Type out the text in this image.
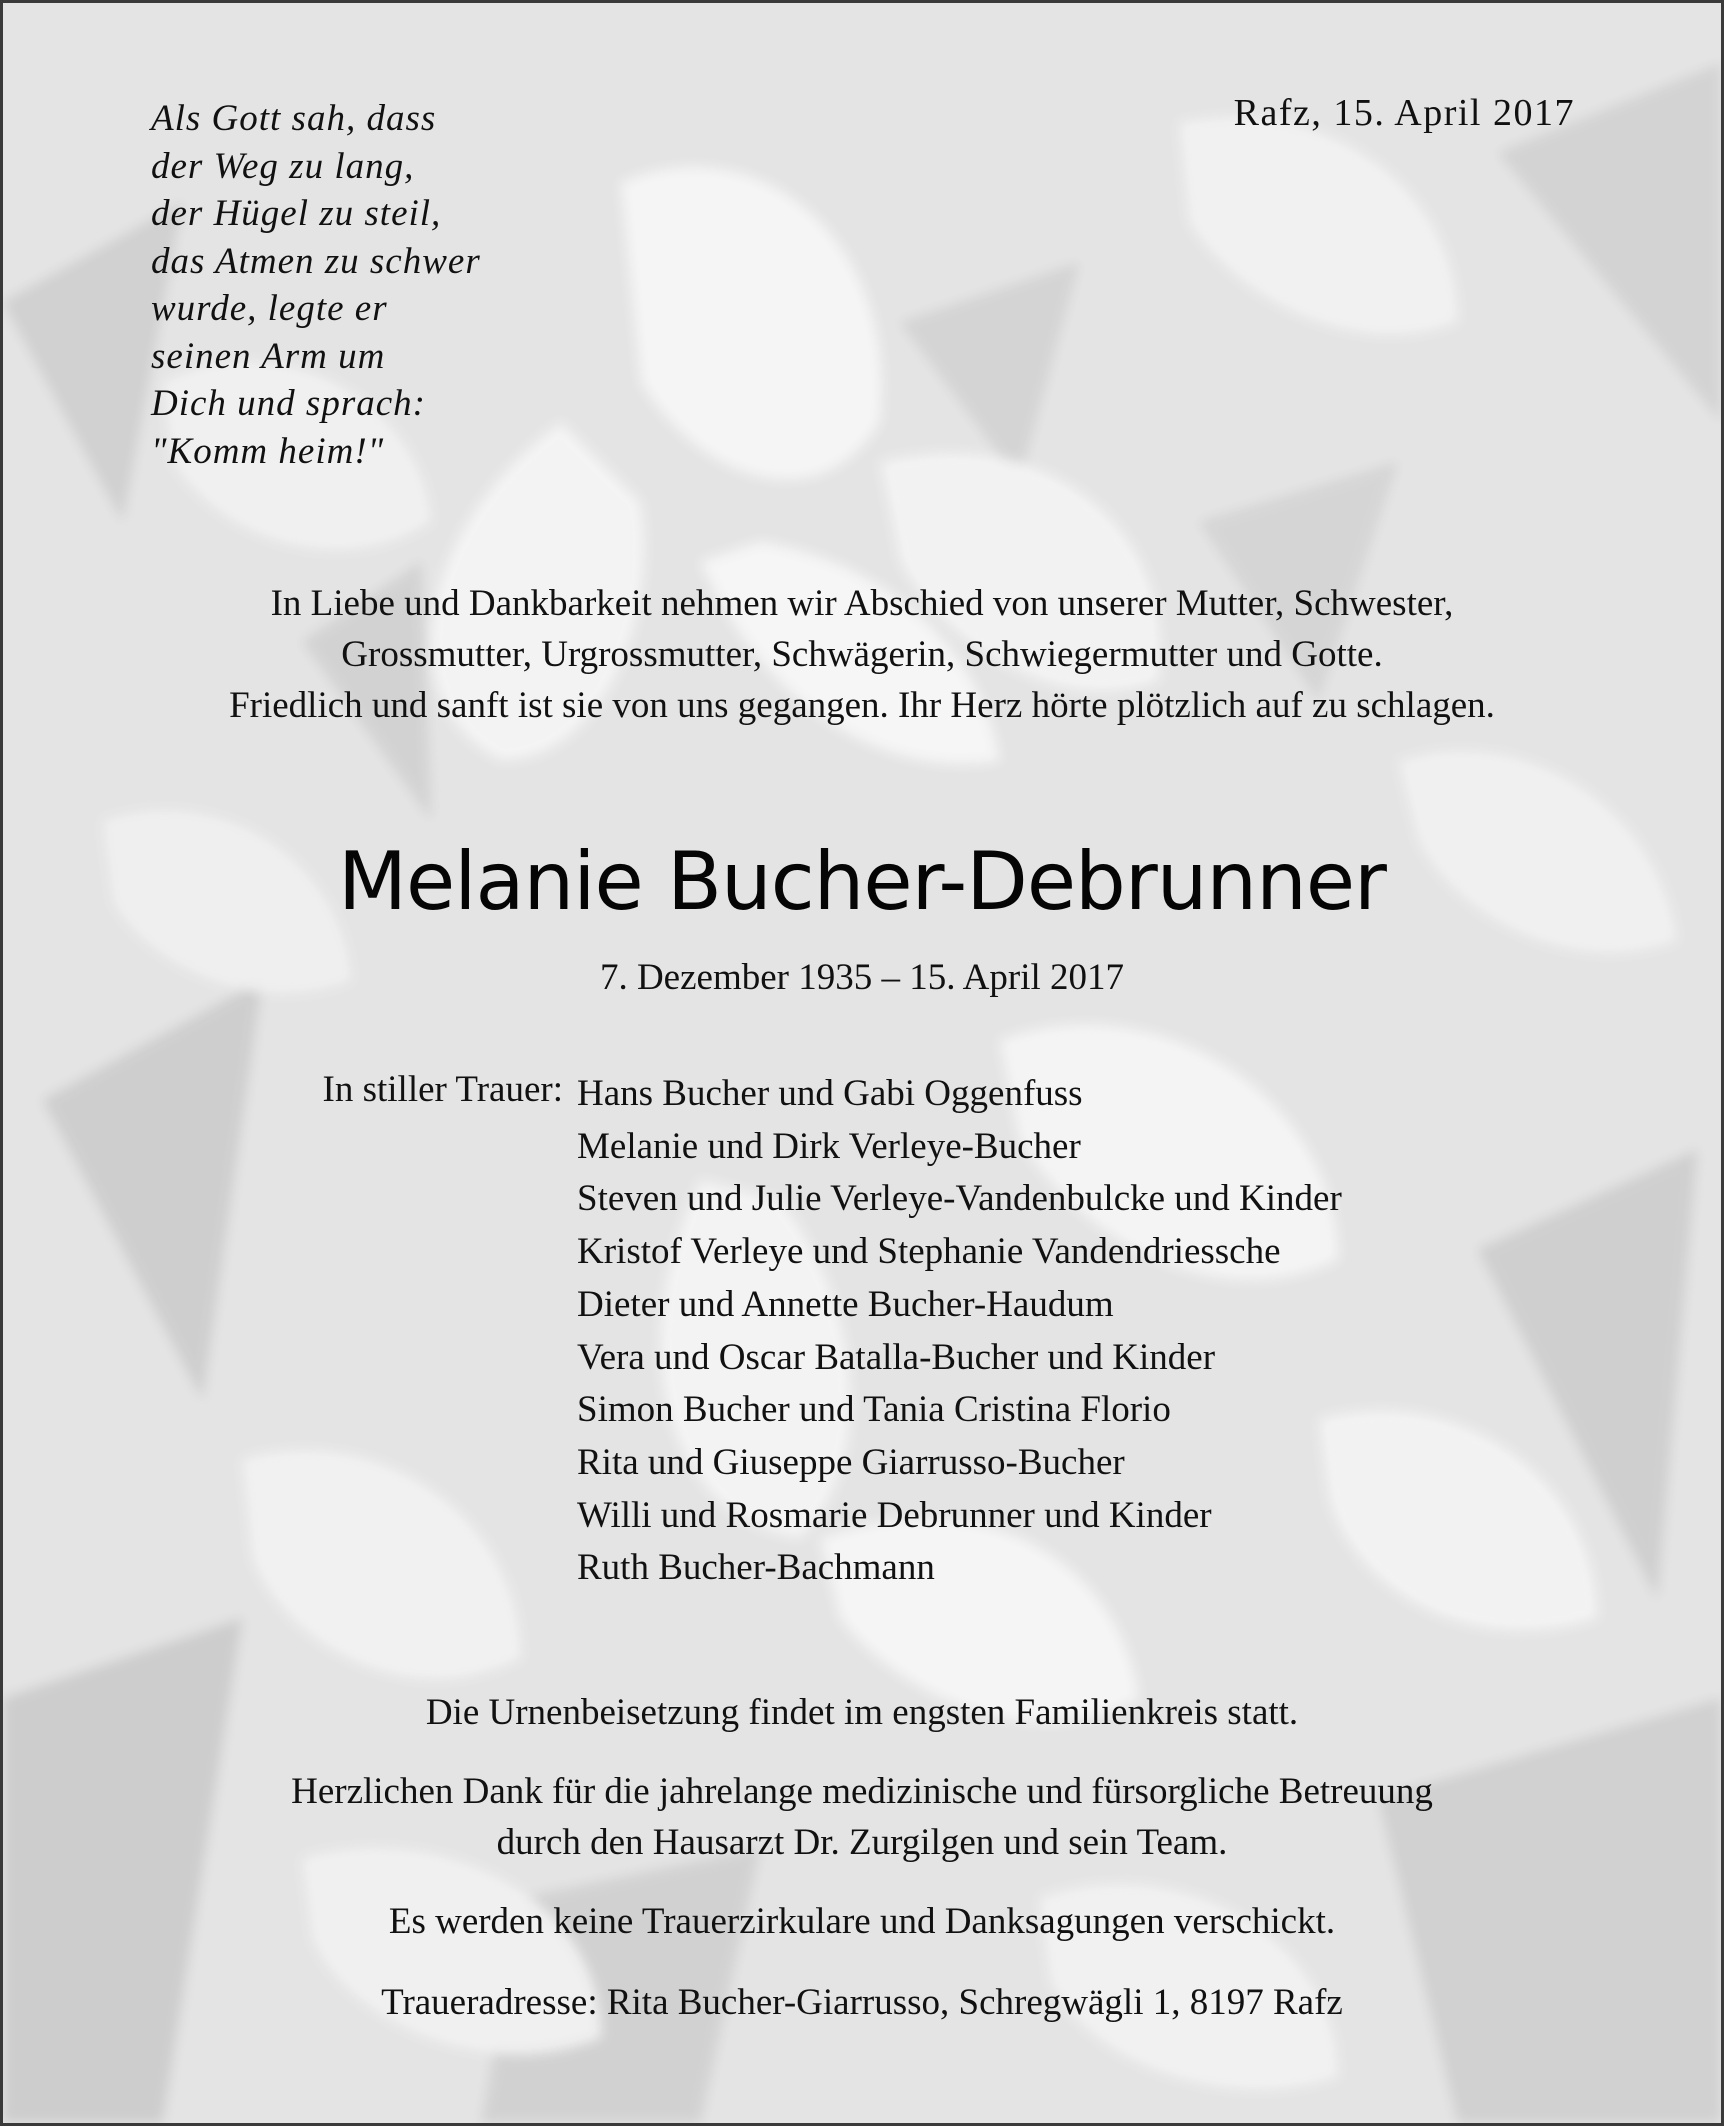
Als Gott sah, dass
der Weg zu lang,
der Hügel zu steil,
das Atmen zu schwer
wurde, legte er
seinen Arm um
Dich und sprach:
"Komm heim!"
Rafz, 15. April 2017
In Liebe und Dankbarkeit nehmen wir Abschied von unserer Mutter, Schwester,
Grossmutter, Urgrossmutter, Schwägerin, Schwiegermutter und Gotte.
Friedlich und sanft ist sie von uns gegangen. Ihr Herz hörte plötzlich auf zu schlagen.
Melanie Bucher-Debrunner
7. Dezember 1935 – 15. April 2017
In stiller Trauer: Hans Bucher und Gabi Oggenfuss
Melanie und Dirk Verleye-Bucher
Steven und Julie Verleye-Vandenbulcke und Kinder
Kristof Verleye und Stephanie Vandendriessche
Dieter und Annette Bucher-Haudum
Vera und Oscar Batalla-Bucher und Kinder
Simon Bucher und Tania Cristina Florio
Rita und Giuseppe Giarrusso-Bucher
Willi und Rosmarie Debrunner und Kinder
Ruth Bucher-Bachmann

Die Urnenbeisetzung findet im engsten Familienkreis statt.

Herzlichen Dank für die jahrelange medizinische und fürsorgliche Betreuung
durch den Hausarzt Dr. Zurgilgen und sein Team.

Es werden keine Trauerzirkulare und Danksagungen verschickt.

Traueradresse: Rita Bucher-Giarrusso, Schregwägli 1, 8197 Rafz
